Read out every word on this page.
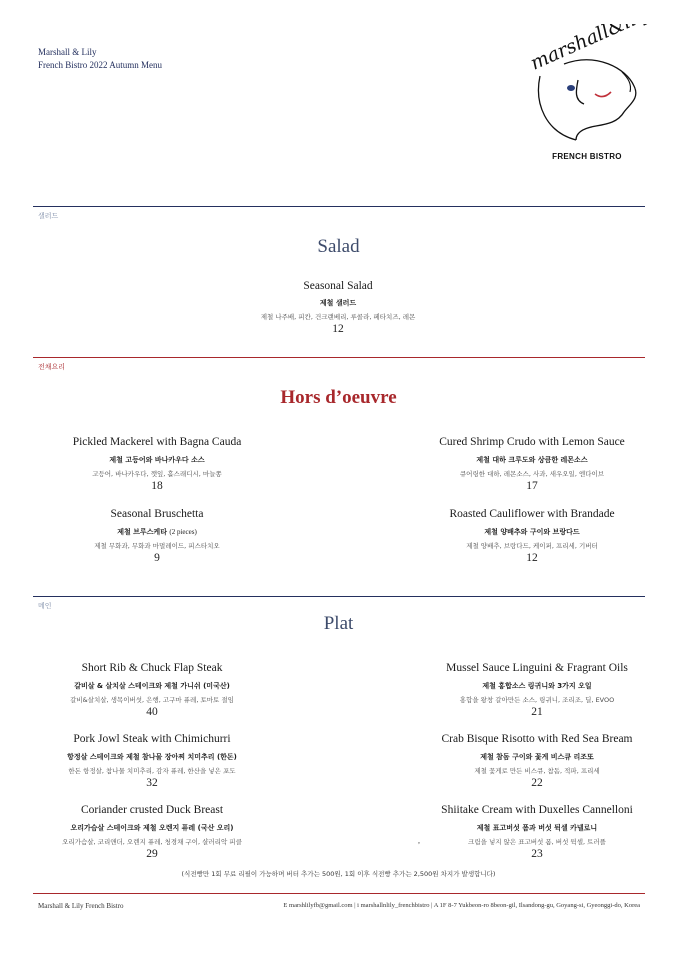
Marshall & Lily
French Bistro 2022 Autumn Menu	marshall&lily
FRENCH BISTRO
샐러드
Salad
Seasonal Salad
제철 샐러드
제철 나주배, 피칸, 건크랜베리, 루콜라, 페타치즈, 레몬
12
전채요리
Hors d’oeuvre
Pickled Mackerel with Bagna Cauda
제철 고등어와 바나카우다 소스
고등어, 바나카우다, 깻잎, 홀스래디시, 마늘쫑
18
Cured Shrimp Crudo with Lemon Sauce
제철 대하 크루도와 상큼한 레몬소스
큐어링한 대하, 레몬소스, 사과, 새우오일, 엔다이브
17
Seasonal Bruschetta
제철 브루스케타 (2 pieces)
제철 무화과, 무화과 마멀레이드, 피스타치오
9
Roasted Cauliflower with Brandade
제철 양배추와 구이와 브랑다드
제철 양배추, 브랑다드, 케이퍼, 프리세, 기버터
12
메인
Plat
Short Rib & Chuck Flap Steak
갈비살 & 살치살 스테이크와 제철 가니쉬 (미국산)
갈비&살치살, 생목이버섯, 은행, 고구마 퓨레, 토마토 절임
40
Mussel Sauce Linguini & Fragrant Oils
제철 홍합소스 링귀니와 3가지 오일
홍합을 왕창 갈아만든 소스, 링귀니, 조리조, 딜, EVOO
21
Pork Jowl Steak with Chimichurri
항정살 스테이크와 제철 참나물 장아찌 치미추리 (한돈)
한돈 항정살, 참나물 치미추리, 감자 퓨레, 한산을 넣은 포도
32
Crab Bisque Risotto with Red Sea Bream
제철 참돔 구이와 꽃게 비스큐 리조또
제철 꽃게로 만든 비스큐, 참돔, 적파, 프리세
22
Coriander crusted Duck Breast
오리가슴살 스테이크와 제철 오렌지 퓨레 (국산 오리)
오리가슴살, 코리앤더, 오렌지 퓨레, 청경채 구이, 샬러리악 피클
29
Shiitake Cream with Duxelles Cannelloni
제철 표고버섯 폼과 버섯 뒥셀 카넬로니
크림을 넣지 않은 표고버섯 폼, 버섯 뒥셀, 트러플
23
,
(식전빵만 1회 무료 리필이 가능하며 버터 추가는 500원, 1회 이후 식전빵 추가는 2,500원 차지가 발생합니다)
Marshall & Lily French Bistro	E marshlilyfb@gmail.com | i marshallnlily_frenchbistro | A 1F 8-7 Yukbeon-ro 8beon-gil, Ilsandong-gu, Goyang-si, Gyeonggi-do, Korea
